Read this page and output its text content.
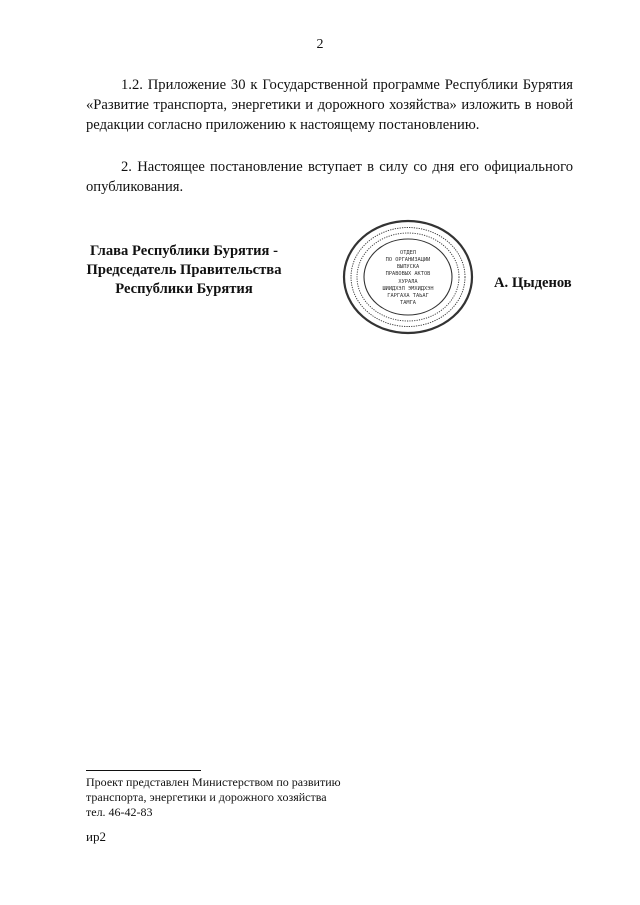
2
1.2. Приложение 30 к Государственной программе Республики Бурятия «Развитие транспорта, энергетики и дорожного хозяйства» изложить в новой редакции согласно приложению к настоящему постановлению.
2. Настоящее постановление вступает в силу со дня его официального опубликования.
Глава Республики Бурятия -
Председатель Правительства
Республики Бурятия
ОТДЕЛ
ПО ОРГАНИЗАЦИИ
ВЫПУСКА
ПРАВОВЫХ АКТОВ
ХУРАЛА
ШИИДХЭЛ ЭМХИДХЭН
ГАРГАХА ТАЬАГ
ТАМГА
А. Цыденов
Проект представлен Министерством по развитию
транспорта, энергетики и дорожного хозяйства
тел. 46-42-83
ир2
